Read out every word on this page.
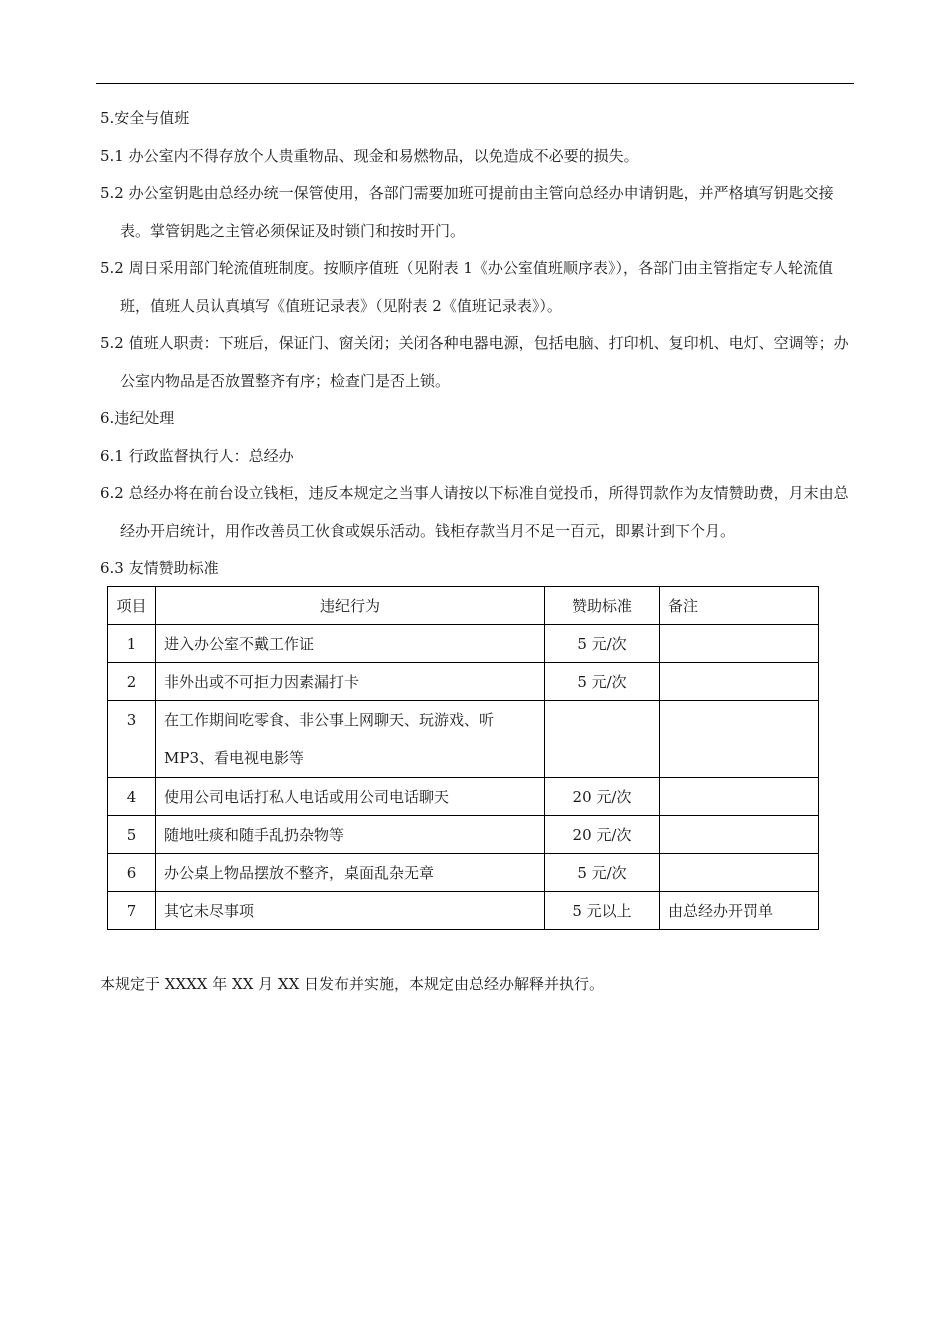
5.安全与值班

5.1 办公室内不得存放个人贵重物品、现金和易燃物品，以免造成不必要的损失。

5.2 办公室钥匙由总经办统一保管使用，各部门需要加班可提前由主管向总经办申请钥匙，并严格填写钥匙交接表。掌管钥匙之主管必须保证及时锁门和按时开门。

5.2 周日采用部门轮流值班制度。按顺序值班（见附表 1《办公室值班顺序表》），各部门由主管指定专人轮流值班，值班人员认真填写《值班记录表》（见附表 2《值班记录表》）。

5.2 值班人职责：下班后，保证门、窗关闭；关闭各种电器电源，包括电脑、打印机、复印机、电灯、空调等；办公室内物品是否放置整齐有序；检查门是否上锁。

6.违纪处理

6.1 行政监督执行人：总经办

6.2 总经办将在前台设立钱柜，违反本规定之当事人请按以下标准自觉投币，所得罚款作为友情赞助费，月末由总经办开启统计，用作改善员工伙食或娱乐活动。钱柜存款当月不足一百元，即累计到下个月。

6.3 友情赞助标准

项目	违纪行为	赞助标准	备注
1	进入办公室不戴工作证	5 元/次	
2	非外出或不可拒力因素漏打卡	5 元/次	
3	在工作期间吃零食、非公事上网聊天、玩游戏、听MP3、看电视电影等		
4	使用公司电话打私人电话或用公司电话聊天	20 元/次	
5	随地吐痰和随手乱扔杂物等	20 元/次	
6	办公桌上物品摆放不整齐，桌面乱杂无章	5 元/次	
7	其它未尽事项	5 元以上	由总经办开罚单
本规定于 XXXX 年 XX 月 XX 日发布并实施，本规定由总经办解释并执行。
